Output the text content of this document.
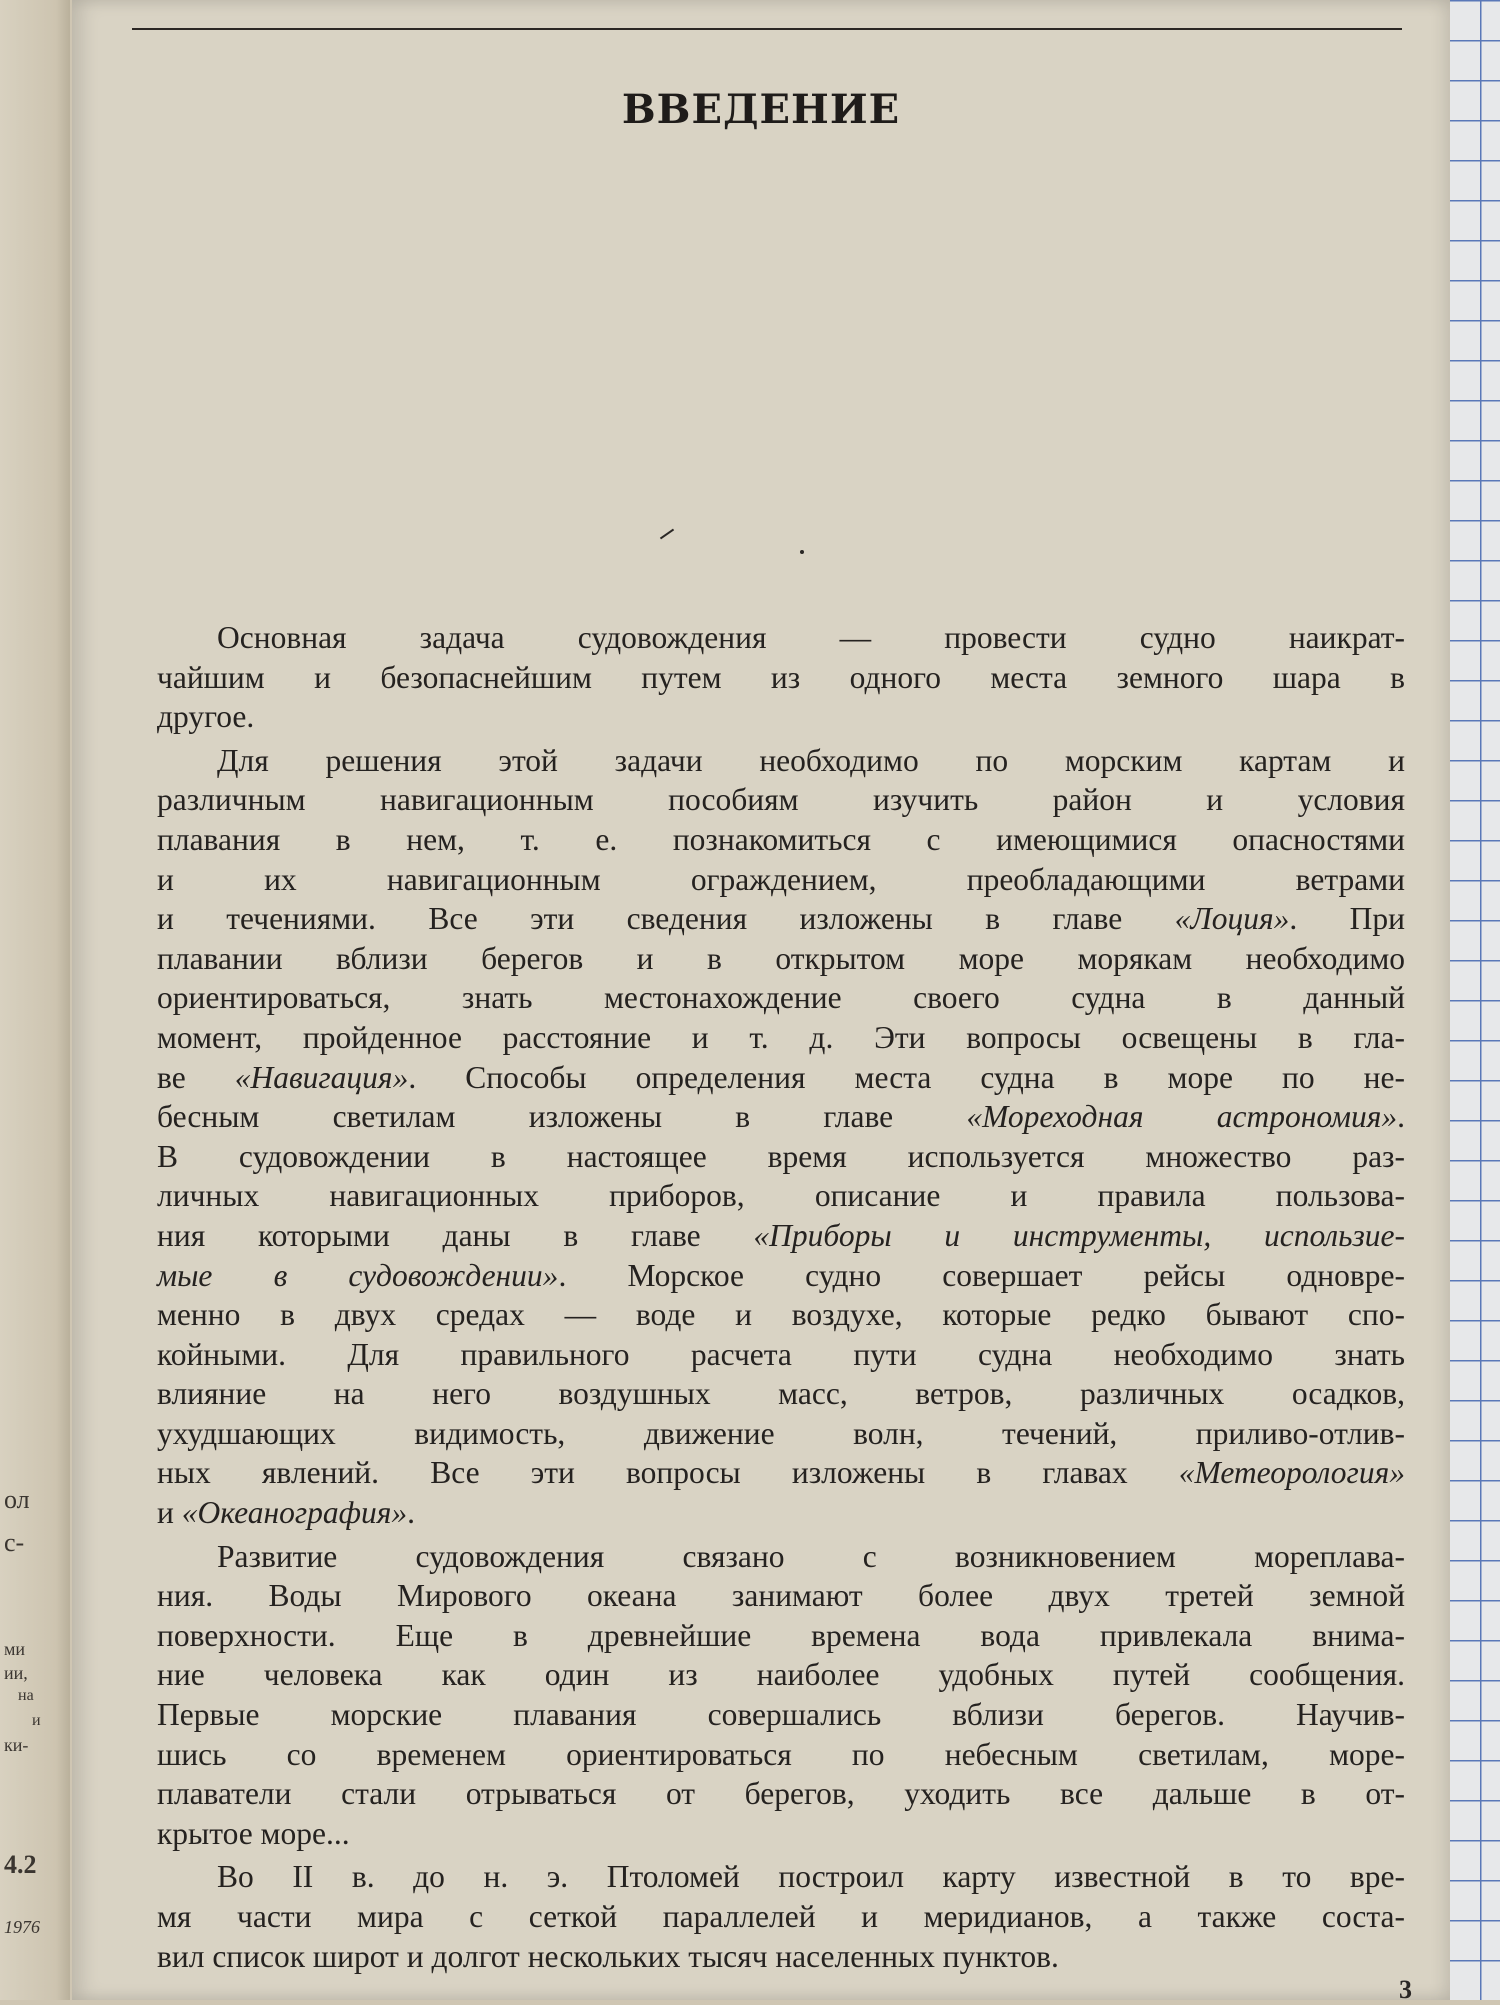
ол
с-
ми
ии,
на
и
ки-
4.2
1976
ВВЕДЕНИЕ
Основная задача судовождения — провести судно наикрат-
чайшим и безопаснейшим путем из одного места земного шара в
другое.
Для решения этой задачи необходимо по морским картам и
различным навигационным пособиям изучить район и условия
плавания в нем, т. е. познакомиться с имеющимися опасностями
и их навигационным ограждением, преобладающими ветрами
и течениями. Все эти сведения изложены в главе «Лоция». При
плавании вблизи берегов и в открытом море морякам необходимо
ориентироваться, знать местонахождение своего судна в данный
момент, пройденное расстояние и т. д. Эти вопросы освещены в гла-
ве «Навигация». Способы определения места судна в море по не-
бесным светилам изложены в главе «Мореходная астрономия».
В судовождении в настоящее время используется множество раз-
личных навигационных приборов, описание и правила пользова-
ния которыми даны в главе «Приборы и инструменты, использue-
мые в судовождении». Морское судно совершает рейсы одновре-
менно в двух средах — воде и воздухе, которые редко бывают спо-
койными. Для правильного расчета пути судна необходимо знать
влияние на него воздушных масс, ветров, различных осадков,
ухудшающих видимость, движение волн, течений, приливо-отлив-
ных явлений. Все эти вопросы изложены в главах «Метеорология»
и «Океанография».
Развитие судовождения связано с возникновением мореплава-
ния. Воды Мирового океана занимают более двух третей земной
поверхности. Еще в древнейшие времена вода привлекала внима-
ние человека как один из наиболее удобных путей сообщения.
Первые морские плавания совершались вблизи берегов. Научив-
шись со временем ориентироваться по небесным светилам, море-
плаватели стали отрываться от берегов, уходить все дальше в от-
крытое море...
Во II в. до н. э. Птоломей построил карту известной в то вре-
мя части мира с сеткой параллелей и меридианов, а также соста-
вил список широт и долгот нескольких тысяч населенных пунктов.
3
